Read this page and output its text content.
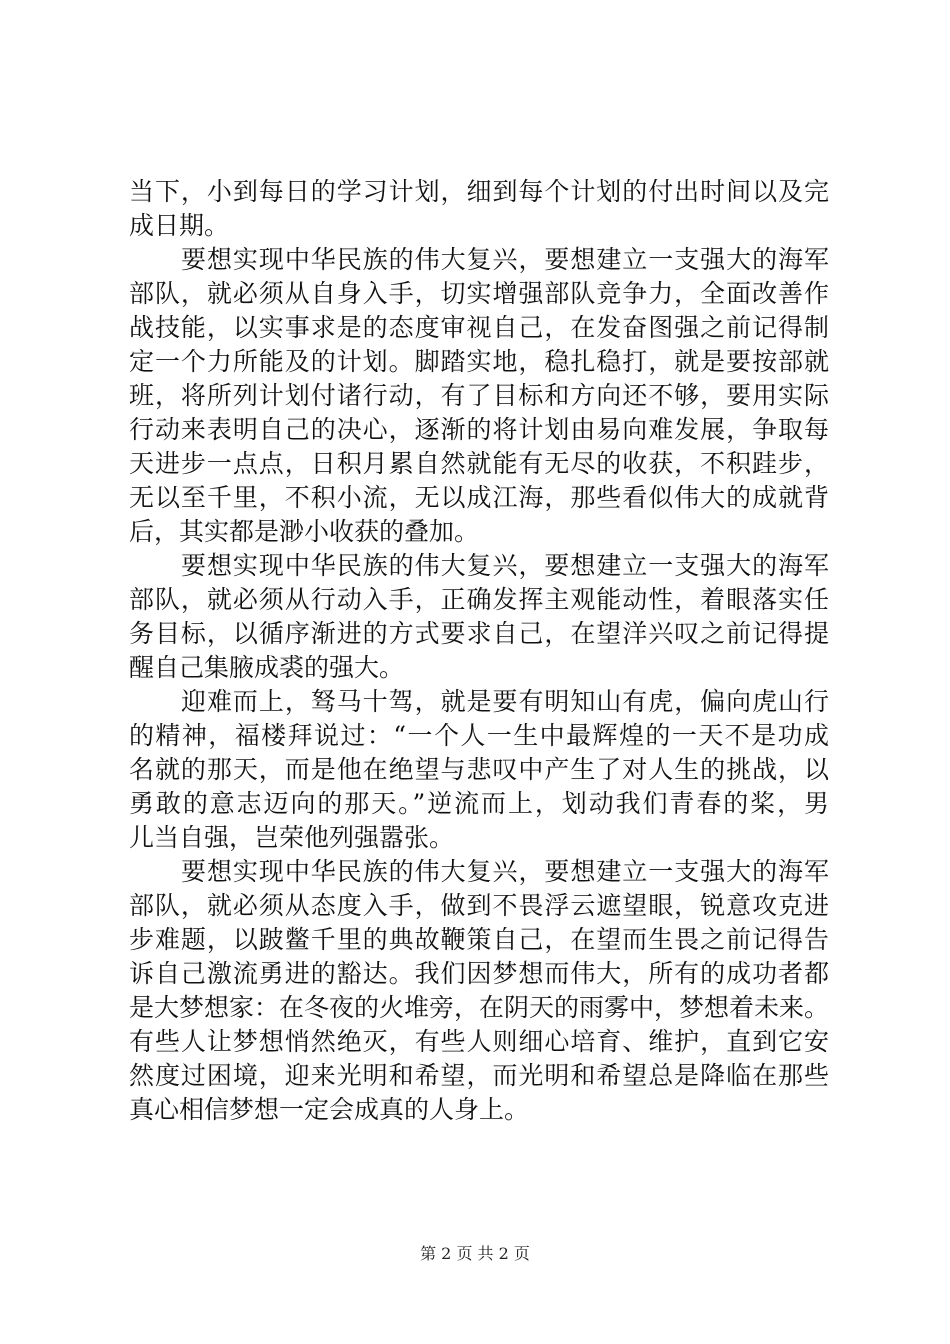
当下，小到每日的学习计划，细到每个计划的付出时间以及完
成日期。
要想实现中华民族的伟大复兴，要想建立一支强大的海军
部队，就必须从自身入手，切实增强部队竞争力，全面改善作
战技能，以实事求是的态度审视自己，在发奋图强之前记得制
定一个力所能及的计划。脚踏实地，稳扎稳打，就是要按部就
班，将所列计划付诸行动，有了目标和方向还不够，要用实际
行动来表明自己的决心，逐渐的将计划由易向难发展，争取每
天进步一点点，日积月累自然就能有无尽的收获，不积跬步，
无以至千里，不积小流，无以成江海，那些看似伟大的成就背
后，其实都是渺小收获的叠加。
要想实现中华民族的伟大复兴，要想建立一支强大的海军
部队，就必须从行动入手，正确发挥主观能动性，着眼落实任
务目标，以循序渐进的方式要求自己，在望洋兴叹之前记得提
醒自己集腋成裘的强大。
迎难而上，驽马十驾，就是要有明知山有虎，偏向虎山行
的精神，福楼拜说过：“一个人一生中最辉煌的一天不是功成
名就的那天，而是他在绝望与悲叹中产生了对人生的挑战，以
勇敢的意志迈向的那天。”逆流而上，划动我们青春的桨，男
儿当自强，岂荣他列强嚣张。
要想实现中华民族的伟大复兴，要想建立一支强大的海军
部队，就必须从态度入手，做到不畏浮云遮望眼，锐意攻克进
步难题，以跛鳖千里的典故鞭策自己，在望而生畏之前记得告
诉自己激流勇进的豁达。我们因梦想而伟大，所有的成功者都
是大梦想家：在冬夜的火堆旁，在阴天的雨雾中，梦想着未来。
有些人让梦想悄然绝灭，有些人则细心培育、维护，直到它安
然度过困境，迎来光明和希望，而光明和希望总是降临在那些
真心相信梦想一定会成真的人身上。
第 2 页 共 2 页
